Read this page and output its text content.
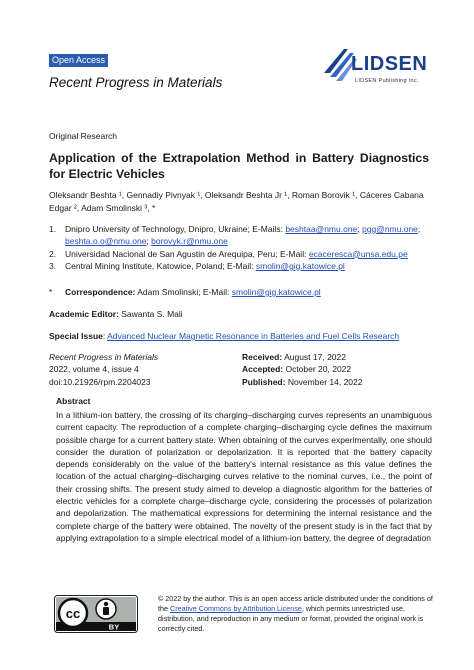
Open Access
Recent Progress in Materials
LIDSEN
LIDSEN Publishing Inc.
Original Research
Application of the Extrapolation Method in Battery Diagnostics for Electric Vehicles
Oleksandr Beshta ¹, Gennadiy Pivnyak ¹, Oleksandr Beshta Jr ¹, Roman Borovik ¹, Cáceres Cabana
Edgar ², Adam Smolinski ³, *
1.	Dnipro University of Technology, Dnipro, Ukraine; E-Mails: beshtaa@nmu.one; pgg@nmu.one;
beshta.o.o@nmu.one; borovyk.r@nmu.one
2.	Universidad Nacional de San Agustin de Arequipa, Peru; E-Mail: ecaceresca@unsa.edu.pe
3.	Central Mining Institute, Katowice, Poland; E-Mail: smolin@gig.katowice.pl
* Correspondence: Adam Smolinski; E-Mail: smolin@gig.katowice.pl
Academic Editor: Sawanta S. Mali
Special Issue: Advanced Nuclear Magnetic Resonance in Batteries and Fuel Cells Research
Recent Progress in Materials
2022, volume 4, issue 4
doi:10.21926/rpm.2204023
Received: August 17, 2022
Accepted: October 20, 2022
Published: November 14, 2022
Abstract
In a lithium-ion battery, the crossing of its charging–discharging curves represents an unambiguous current capacity. The reproduction of a complete charging–discharging cycle defines the maximum possible charge for a current battery state. When obtaining of the curves experimentally, one should consider the duration of polarization or depolarization. It is reported that the battery capacity depends considerably on the value of the battery's internal resistance as this value defines the location of the actual charging–discharging curves relative to the nominal curves, i.e., the point of their crossing shifts. The present study aimed to develop a diagnostic algorithm for the batteries of electric vehicles for a complete charge–discharge cycle, considering the processes of polarization and depolarization. The mathematical expressions for determining the internal resistance and the complete charge of the battery were obtained. The novelty of the present study is in the fact that by applying extrapolation to a simple electrical model of a lithium-ion battery, the degree of degradation
cc
BY
© 2022 by the author. This is an open access article distributed under the conditions of the Creative Commons by Attribution License, which permits unrestricted use, distribution, and reproduction in any medium or format, provided the original work is correctly cited.
